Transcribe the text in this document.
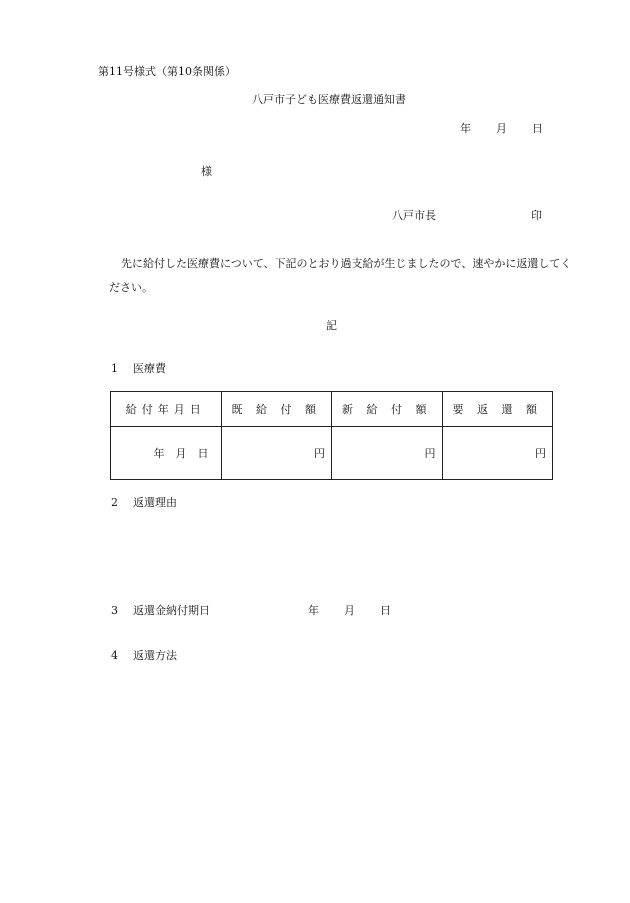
第11号様式（第10条関係）
八戸市子ども医療費返還通知書
年 月 日
様
八戸市長	印
先に給付した医療費について、下記のとおり過支給が生じましたので、速やかに返還してください。
記
1 医療費
給付年月日	既 給 付 額	新 給 付 額	要 返 還 額
年　月　日	円	円	円
2 返還理由
3 返還金納付期日	年 月 日
4 返還方法
